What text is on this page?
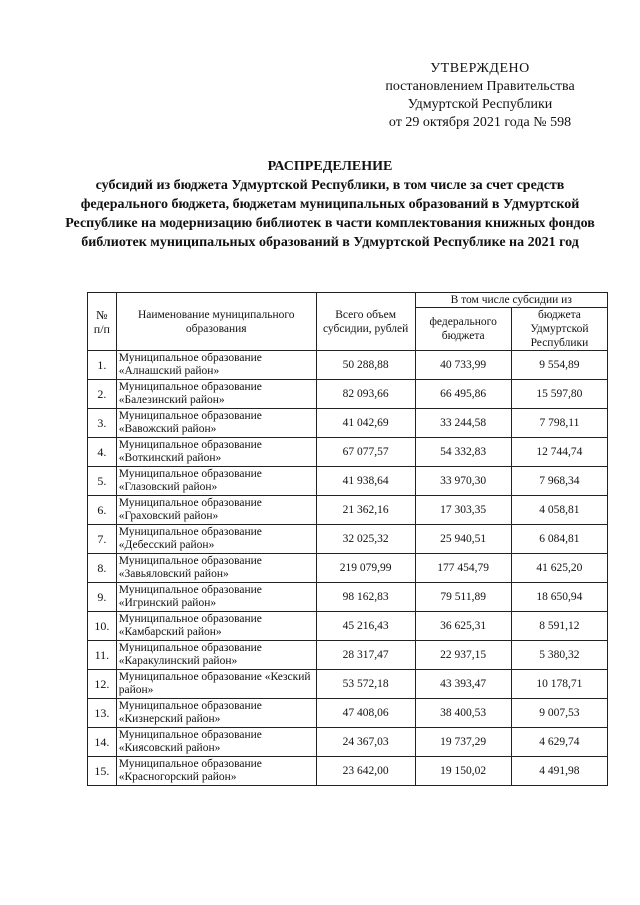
УТВЕРЖДЕНО
постановлением Правительства
Удмуртской Республики
от 29 октября 2021 года № 598
РАСПРЕДЕЛЕНИЕ
субсидий из бюджета Удмуртской Республики, в том числе за счет средств федерального бюджета, бюджетам муниципальных образований в Удмуртской Республике на модернизацию библиотек в части комплектования книжных фондов библиотек муниципальных образований в Удмуртской Республике на 2021 год
№ п/п	Наименование муниципального образования	Всего объем субсидии, рублей	В том числе субсидии из	
			федерального бюджета	бюджета Удмуртской Республики
1.	Муниципальное образование «Алнашский район»	50 288,88	40 733,99	9 554,89
2.	Муниципальное образование «Балезинский район»	82 093,66	66 495,86	15 597,80
3.	Муниципальное образование «Вавожский район»	41 042,69	33 244,58	7 798,11
4.	Муниципальное образование «Воткинский район»	67 077,57	54 332,83	12 744,74
5.	Муниципальное образование «Глазовский район»	41 938,64	33 970,30	7 968,34
6.	Муниципальное образование «Граховский район»	21 362,16	17 303,35	4 058,81
7.	Муниципальное образование «Дебесский район»	32 025,32	25 940,51	6 084,81
8.	Муниципальное образование «Завьяловский район»	219 079,99	177 454,79	41 625,20
9.	Муниципальное образование «Игринский район»	98 162,83	79 511,89	18 650,94
10.	Муниципальное образование «Камбарский район»	45 216,43	36 625,31	8 591,12
11.	Муниципальное образование «Каракулинский район»	28 317,47	22 937,15	5 380,32
12.	Муниципальное образование «Кезский район»	53 572,18	43 393,47	10 178,71
13.	Муниципальное образование «Кизнерский район»	47 408,06	38 400,53	9 007,53
14.	Муниципальное образование «Киясовский район»	24 367,03	19 737,29	4 629,74
15.	Муниципальное образование «Красногорский район»	23 642,00	19 150,02	4 491,98
